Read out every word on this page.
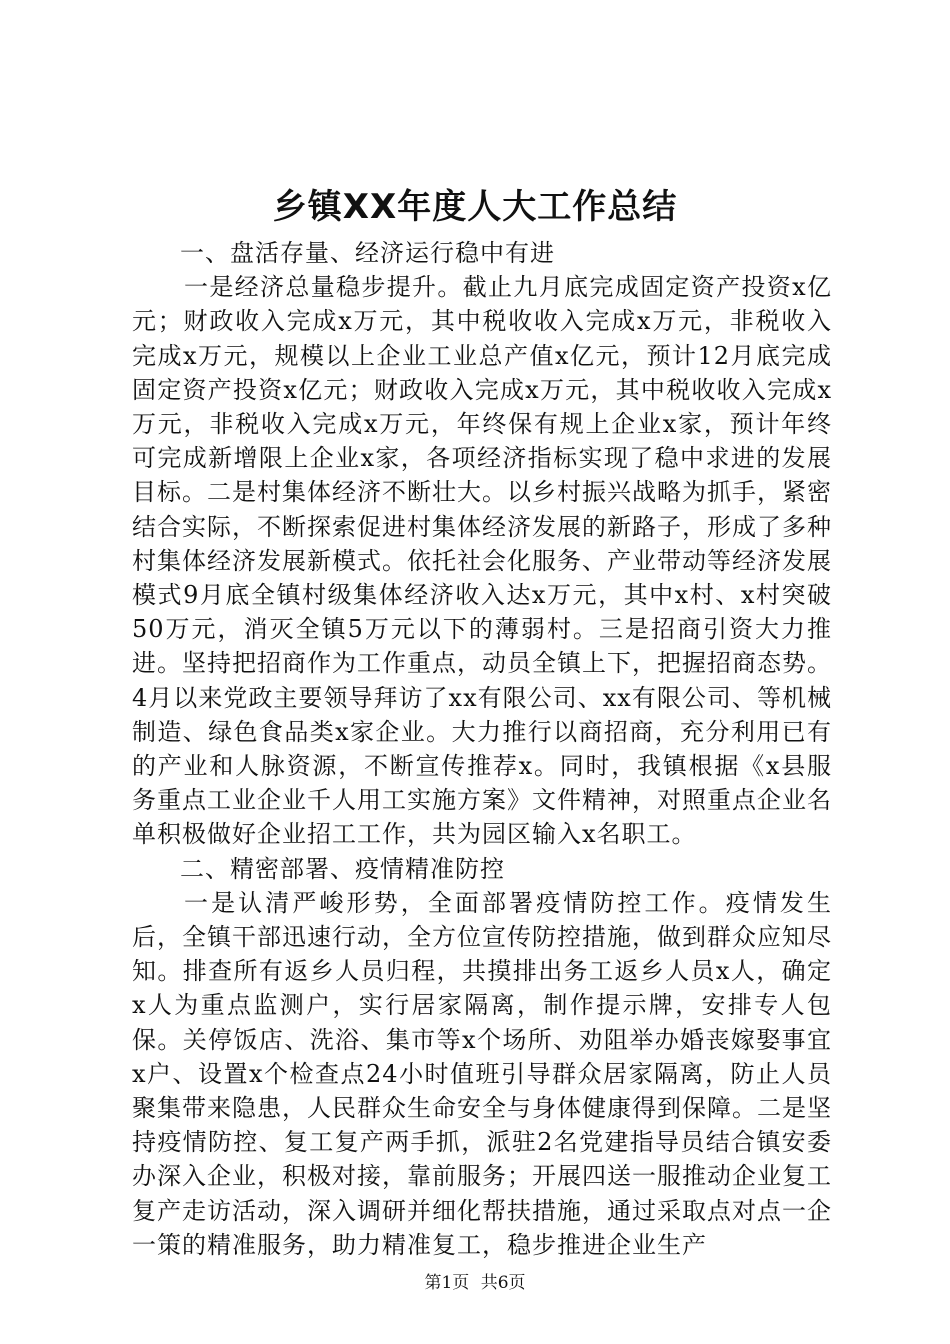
乡镇XX年度人大工作总结

一、盘活存量、经济运行稳中有进

一是经济总量稳步提升。截止九月底完成固定资产投资x亿元；财政收入完成x万元，其中税收收入完成x万元，非税收入完成x万元，规模以上企业工业总产值x亿元，预计12月底完成固定资产投资x亿元；财政收入完成x万元，其中税收收入完成x万元，非税收入完成x万元，年终保有规上企业x家，预计年终可完成新增限上企业x家，各项经济指标实现了稳中求进的发展目标。二是村集体经济不断壮大。以乡村振兴战略为抓手，紧密结合实际，不断探索促进村集体经济发展的新路子，形成了多种村集体经济发展新模式。依托社会化服务、产业带动等经济发展模式9月底全镇村级集体经济收入达x万元，其中x村、x村突破50万元，消灭全镇5万元以下的薄弱村。三是招商引资大力推进。坚持把招商作为工作重点，动员全镇上下，把握招商态势。4月以来党政主要领导拜访了xx有限公司、xx有限公司、等机械制造、绿色食品类x家企业。大力推行以商招商，充分利用已有的产业和人脉资源，不断宣传推荐x。同时，我镇根据《x县服务重点工业企业千人用工实施方案》文件精神，对照重点企业名单积极做好企业招工工作，共为园区输入x名职工。

二、精密部署、疫情精准防控

一是认清严峻形势，全面部署疫情防控工作。疫情发生后，全镇干部迅速行动，全方位宣传防控措施，做到群众应知尽知。排查所有返乡人员归程，共摸排出务工返乡人员x人，确定x人为重点监测户，实行居家隔离，制作提示牌，安排专人包保。关停饭店、洗浴、集市等x个场所、劝阻举办婚丧嫁娶事宜x户、设置x个检查点24小时值班引导群众居家隔离，防止人员聚集带来隐患，人民群众生命安全与身体健康得到保障。二是坚持疫情防控、复工复产两手抓，派驻2名党建指导员结合镇安委办深入企业，积极对接，靠前服务；开展四送一服推动企业复工复产走访活动，深入调研并细化帮扶措施，通过采取点对点一企一策的精准服务，助力精准复工，稳步推进企业生产

第1页 共6页
